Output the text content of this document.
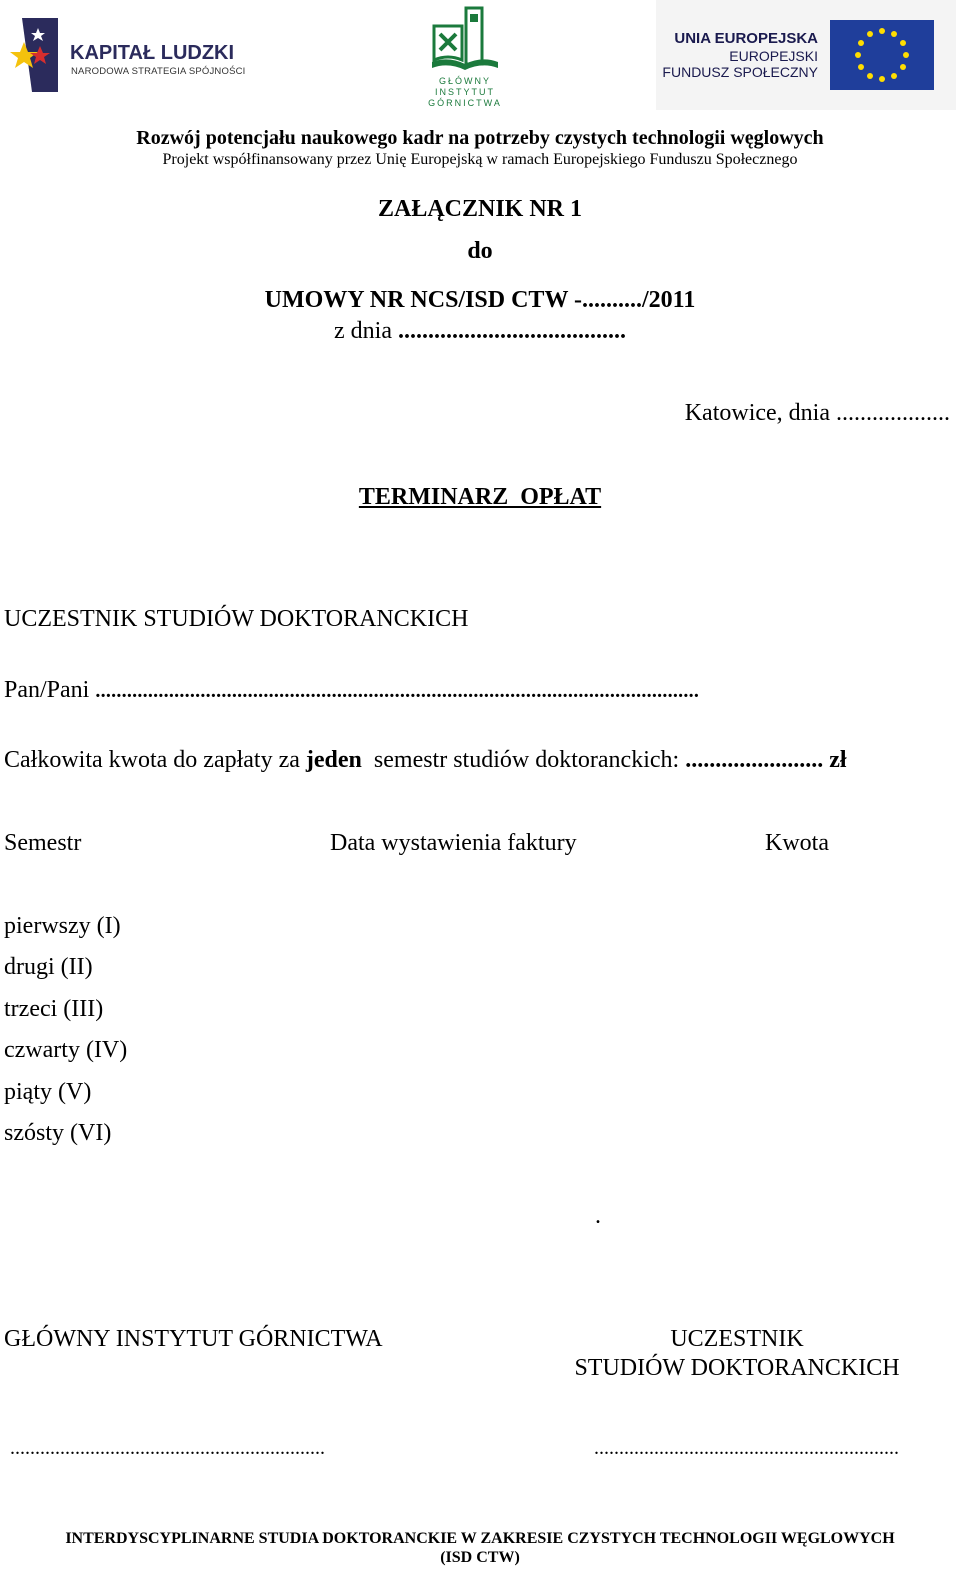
KAPITAŁ LUDZKI
NARODOWA STRATEGIA SPÓJNOŚCI
GŁÓWNY
INSTYTUT
GÓRNICTWA
UNIA EUROPEJSKA
EUROPEJSKI
FUNDUSZ SPOŁECZNY
Rozwój potencjału naukowego kadr na potrzeby czystych technologii węglowych
Projekt współfinansowany przez Unię Europejską w ramach Europejskiego Funduszu Społecznego
ZAŁĄCZNIK NR 1
do
UMOWY NR NCS/ISD CTW -........../2011
z dnia ......................................
Katowice, dnia ...................
TERMINARZ  OPŁAT
UCZESTNIK STUDIÓW DOKTORANCKICH
Pan/Pani ...................................................................................................................
Całkowita kwota do zapłaty za jeden  semestr studiów doktoranckich: ....................... zł
Semestr	Data wystawienia faktury	Kwota
pierwszy (I)
drugi (II)
trzeci (III)
czwarty (IV)
piąty (V)
szósty (VI)
.
GŁÓWNY INSTYTUT GÓRNICTWA	UCZESTNIK
STUDIÓW DOKTORANCKICH
...............................................................	.............................................................
INTERDYSCYPLINARNE STUDIA DOKTORANCKIE W ZAKRESIE CZYSTYCH TECHNOLOGII WĘGLOWYCH
(ISD CTW)
